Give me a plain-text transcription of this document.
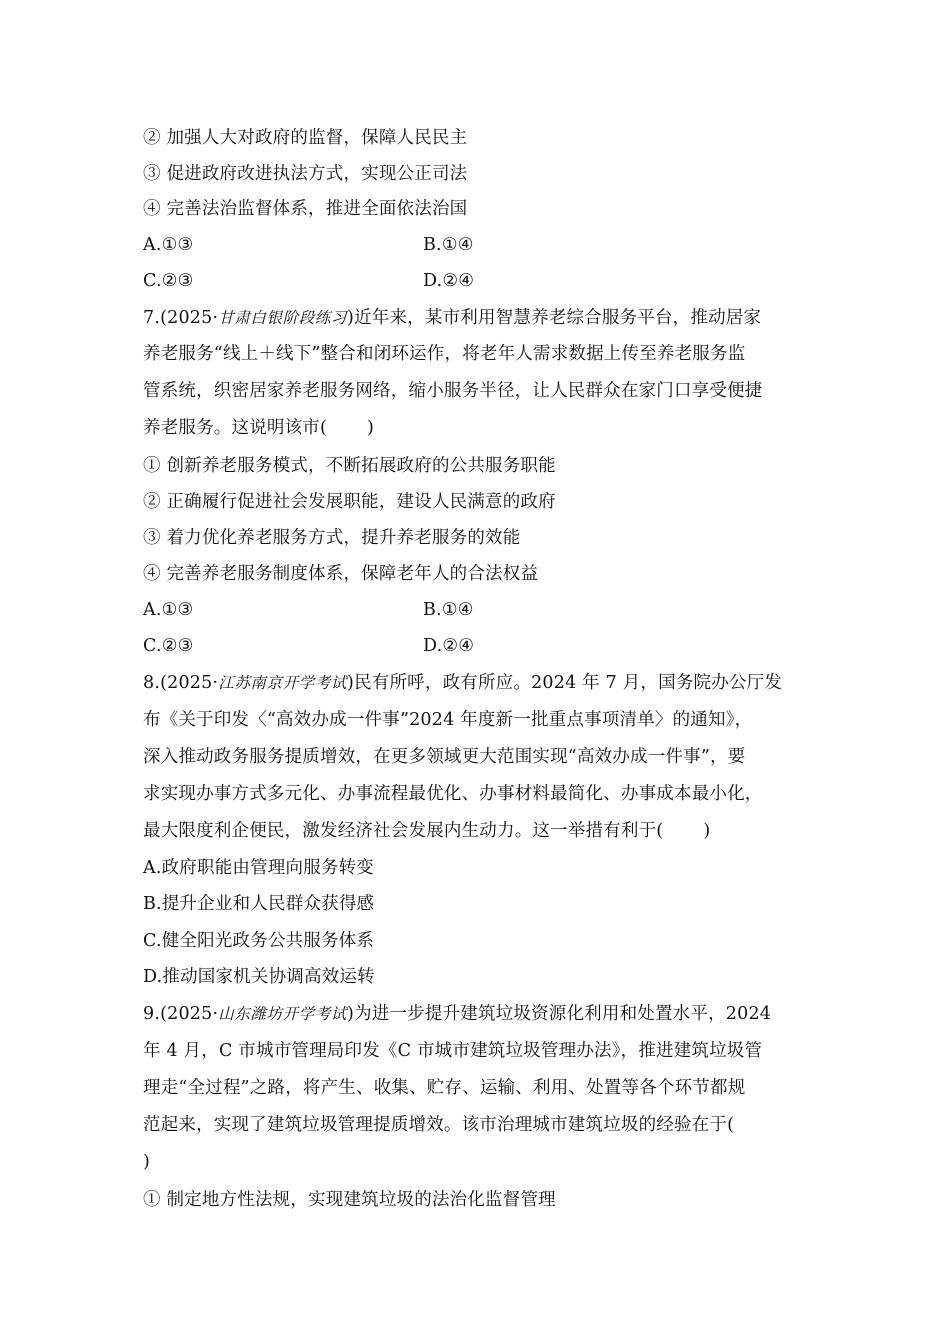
② 加强人大对政府的监督，保障人民民主
③ 促进政府改进执法方式，实现公正司法
④ 完善法治监督体系，推进全面依法治国
A.①③	B.①④
C.②③	D.②④
7.(2025·甘肃白银阶段练习)近年来，某市利用智慧养老综合服务平台，推动居家
养老服务“线上＋线下”整合和闭环运作，将老年人需求数据上传至养老服务监
管系统，织密居家养老服务网络，缩小服务半径，让人民群众在家门口享受便捷
养老服务。这说明该市( )
① 创新养老服务模式，不断拓展政府的公共服务职能
② 正确履行促进社会发展职能，建设人民满意的政府
③ 着力优化养老服务方式，提升养老服务的效能
④ 完善养老服务制度体系，保障老年人的合法权益
A.①③	B.①④
C.②③	D.②④
8.(2025·江苏南京开学考试)民有所呼，政有所应。2024 年 7 月，国务院办公厅发
布《关于印发〈“高效办成一件事”2024 年度新一批重点事项清单〉的通知》，
深入推动政务服务提质增效，在更多领域更大范围实现“高效办成一件事”，要
求实现办事方式多元化、办事流程最优化、办事材料最简化、办事成本最小化，
最大限度利企便民，激发经济社会发展内生动力。这一举措有利于( )
A.政府职能由管理向服务转变
B.提升企业和人民群众获得感
C.健全阳光政务公共服务体系
D.推动国家机关协调高效运转
9.(2025·山东潍坊开学考试)为进一步提升建筑垃圾资源化利用和处置水平，2024
年 4 月，C 市城市管理局印发《C 市城市建筑垃圾管理办法》，推进建筑垃圾管
理走“全过程”之路，将产生、收集、贮存、运输、利用、处置等各个环节都规
范起来，实现了建筑垃圾管理提质增效。该市治理城市建筑垃圾的经验在于(
)
① 制定地方性法规，实现建筑垃圾的法治化监督管理
